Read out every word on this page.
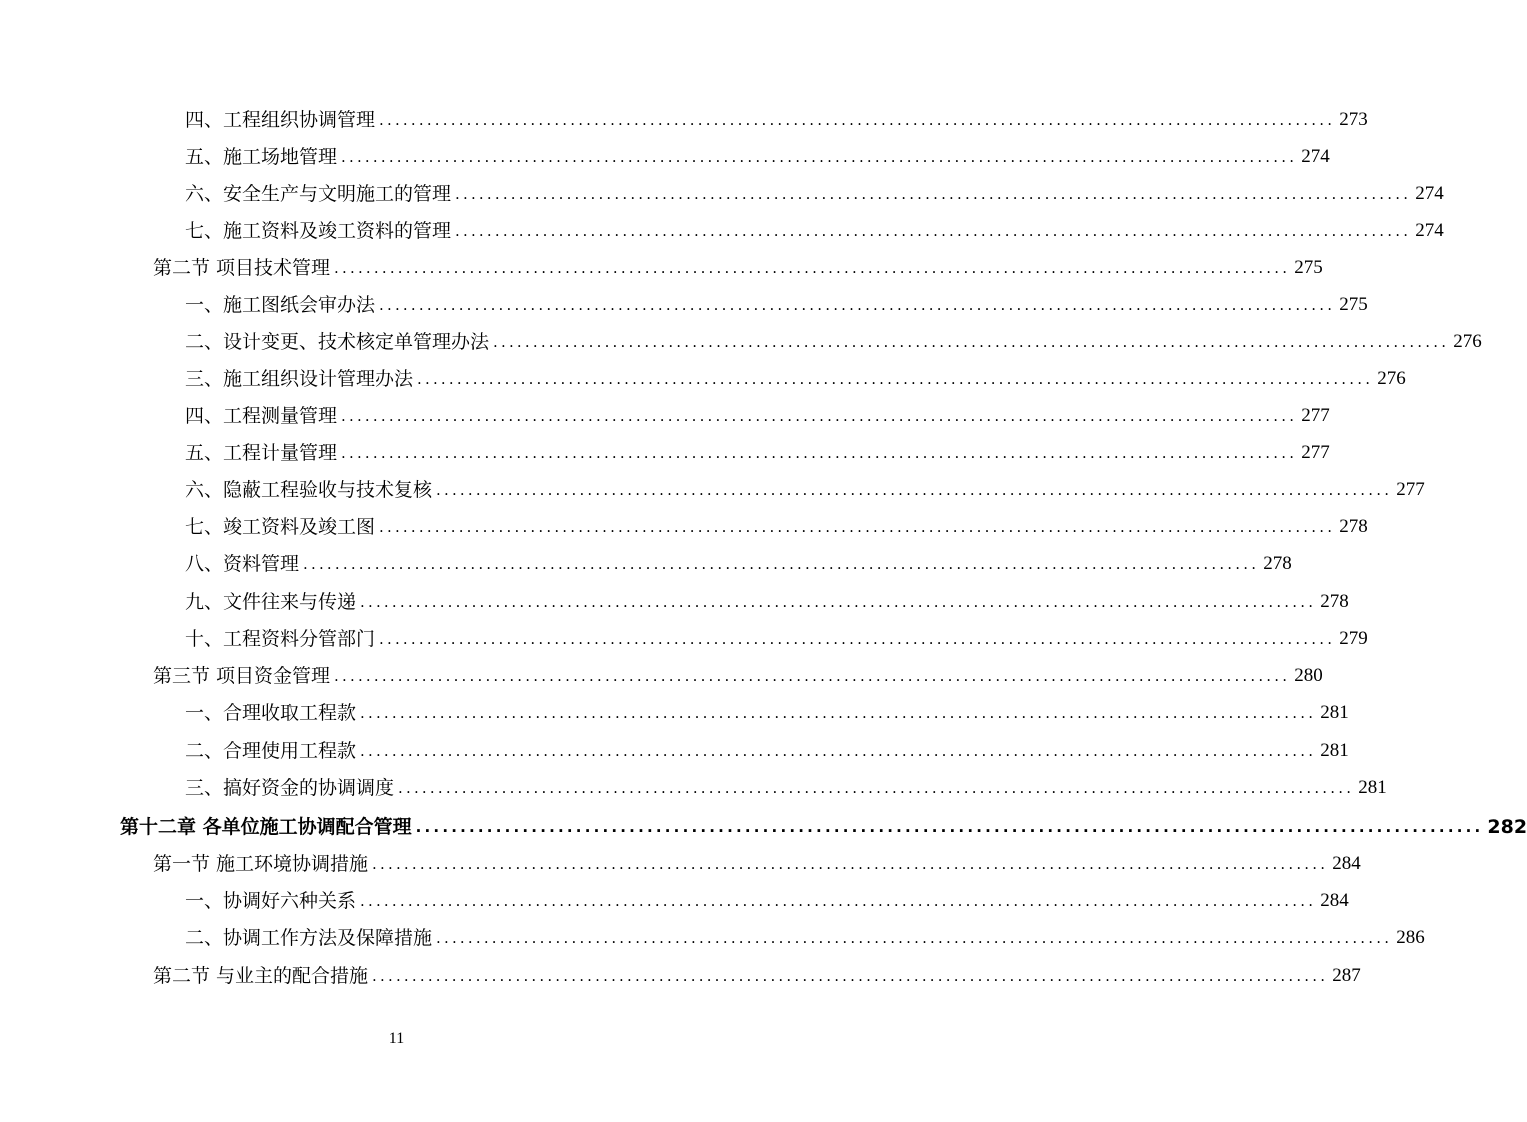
四、工程组织协调管理 ........................................................................................................................ 273
五、施工场地管理 ........................................................................................................................ 274
六、安全生产与文明施工的管理 ........................................................................................................................ 274
七、施工资料及竣工资料的管理 ........................................................................................................................ 274
第二节 项目技术管理 ........................................................................................................................ 275
一、施工图纸会审办法 ........................................................................................................................ 275
二、设计变更、技术核定单管理办法 ........................................................................................................................ 276
三、施工组织设计管理办法 ........................................................................................................................ 276
四、工程测量管理 ........................................................................................................................ 277
五、工程计量管理 ........................................................................................................................ 277
六、隐蔽工程验收与技术复核 ........................................................................................................................ 277
七、竣工资料及竣工图 ........................................................................................................................ 278
八、资料管理 ........................................................................................................................ 278
九、文件往来与传递 ........................................................................................................................ 278
十、工程资料分管部门 ........................................................................................................................ 279
第三节 项目资金管理 ........................................................................................................................ 280
一、合理收取工程款 ........................................................................................................................ 281
二、合理使用工程款 ........................................................................................................................ 281
三、搞好资金的协调调度 ........................................................................................................................ 281
第十二章 各单位施工协调配合管理 ........................................................................................................................ 282
第一节 施工环境协调措施 ........................................................................................................................ 284
一、协调好六种关系 ........................................................................................................................ 284
二、协调工作方法及保障措施 ........................................................................................................................ 286
第二节 与业主的配合措施 ........................................................................................................................ 287
11
